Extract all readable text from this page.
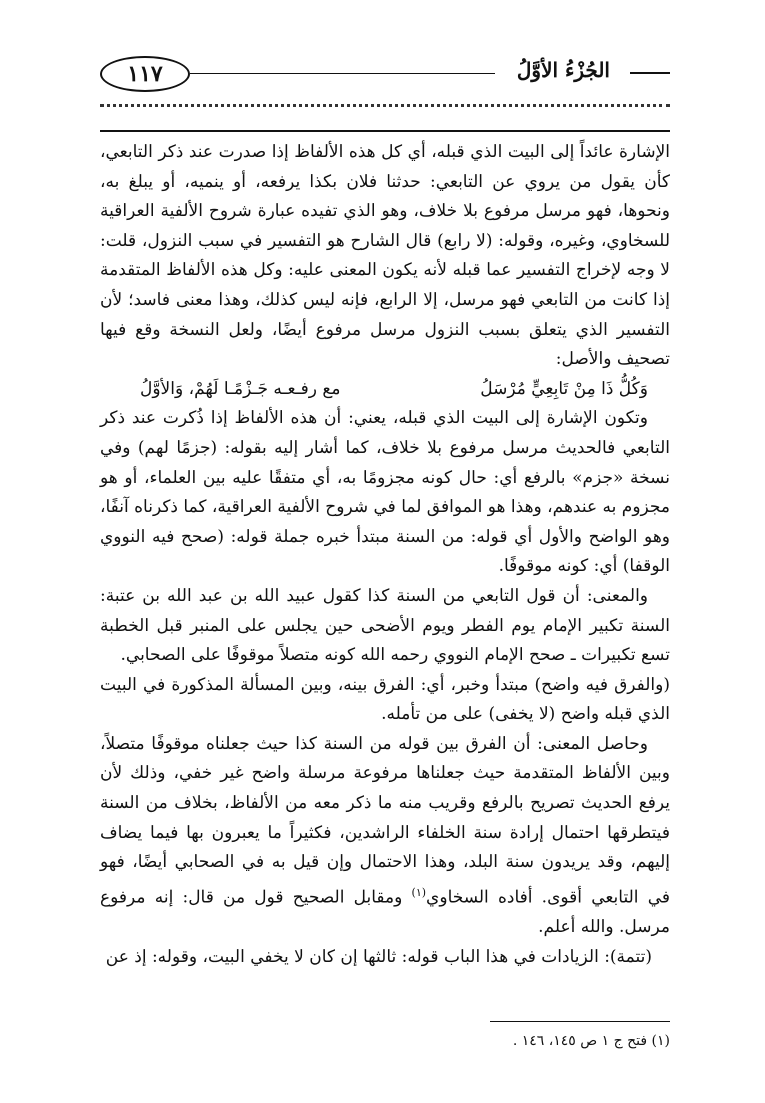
الجُزْءُ الأوَّلُ
١١٧

الإشارة عائداً إلى البيت الذي قبله، أي كل هذه الألفاظ إذا صدرت عند ذكر التابعي، كأن يقول من يروي عن التابعي: حدثنا فلان بكذا يرفعه، أو ينميه، أو يبلغ به، ونحوها، فهو مرسل مرفوع بلا خلاف، وهو الذي تفيده عبارة شروح الألفية العراقية للسخاوي، وغيره، وقوله: (لا رابع) قال الشارح هو التفسير في سبب النزول، قلت: لا وجه لإخراج التفسير عما قبله لأنه يكون المعنى عليه: وكل هذه الألفاظ المتقدمة إذا كانت من التابعي فهو مرسل، إلا الرابع، فإنه ليس كذلك، وهذا معنى فاسد؛ لأن التفسير الذي يتعلق بسبب النزول مرسل مرفوع أيضًا، ولعل النسخة وقع فيها تصحيف والأصل:

وَكُلُّ ذَا مِنْ تَابِعِيٍّ مُرْسَلُ
مع رفـعـه جَـزْمًـا لَهُمْ، وَالأوَّلُ

وتكون الإشارة إلى البيت الذي قبله، يعني: أن هذه الألفاظ إذا ذُكرت عند ذكر التابعي فالحديث مرسل مرفوع بلا خلاف، كما أشار إليه بقوله: (جزمًا لهم) وفي نسخة «جزم» بالرفع أي: حال كونه مجزومًا به، أي متفقًا عليه بين العلماء، أو هو مجزوم به عندهم، وهذا هو الموافق لما في شروح الألفية العراقية، كما ذكرناه آنفًا، وهو الواضح والأول أي قوله: من السنة مبتدأ خبره جملة قوله: (صحح فيه النووي الوقفا) أي: كونه موقوفًا.

والمعنى: أن قول التابعي من السنة كذا كقول عبيد الله بن عبد الله بن عتبة: السنة تكبير الإمام يوم الفطر ويوم الأضحى حين يجلس على المنبر قبل الخطبة تسع تكبيرات ـ صحح الإمام النووي رحمه الله كونه متصلاً موقوفًا على الصحابي.

(والفرق فيه واضح) مبتدأ وخبر، أي: الفرق بينه، وبين المسألة المذكورة في البيت الذي قبله واضح (لا يخفى) على من تأمله.

وحاصل المعنى: أن الفرق بين قوله من السنة كذا حيث جعلناه موقوفًا متصلاً، وبين الألفاظ المتقدمة حيث جعلناها مرفوعة مرسلة واضح غير خفي، وذلك لأن يرفع الحديث تصريح بالرفع وقريب منه ما ذكر معه من الألفاظ، بخلاف من السنة فيتطرقها احتمال إرادة سنة الخلفاء الراشدين، فكثيراً ما يعبرون بها فيما يضاف إليهم، وقد يريدون سنة البلد، وهذا الاحتمال وإن قيل به في الصحابي أيضًا، فهو في التابعي أقوى. أفاده السخاوي$^{(١)}$ ومقابل الصحيح قول من قال: إنه مرفوع مرسل. والله أعلم.

(تتمة): الزيادات في هذا الباب قوله: ثالثها إن كان لا يخفي البيت، وقوله: إذ عن

(١) فتح ج ١ ص ١٤٥، ١٤٦ .
